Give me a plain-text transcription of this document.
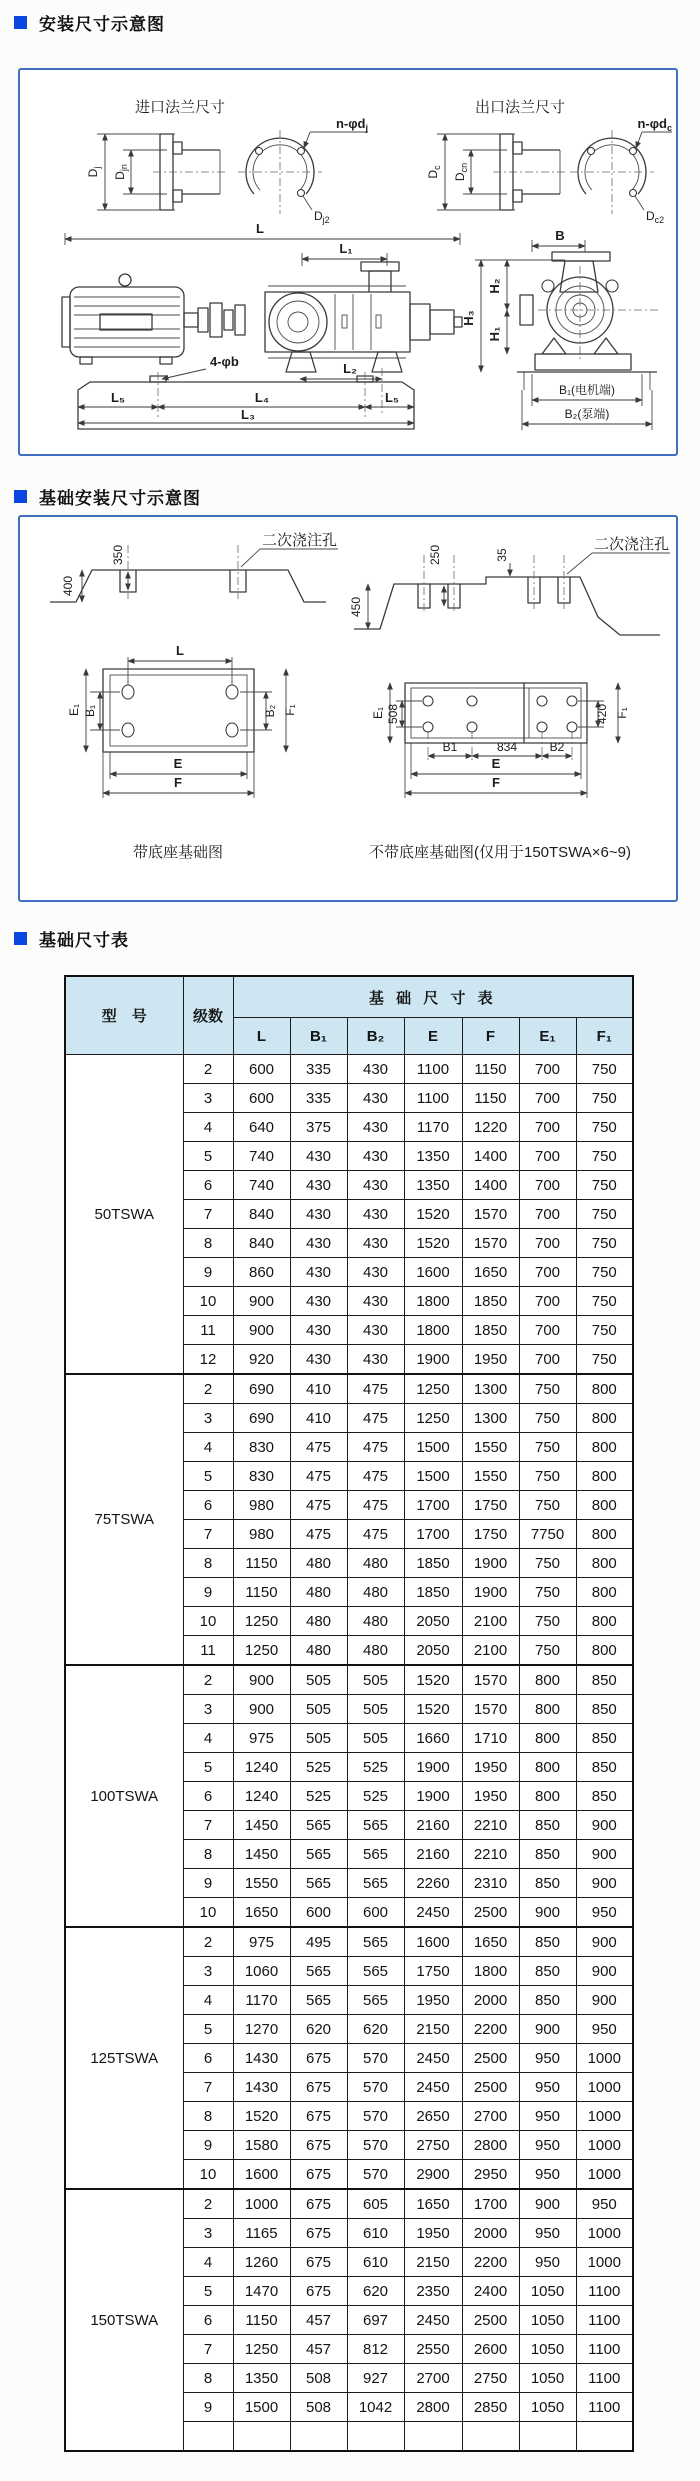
安装尺寸示意图
进口法兰尺寸
$D_j$
$D_{jn}$
$n-\varphi d_j$
$D_{j2}$
出口法兰尺寸
$D_c$
$D_{cn}$
$n-\varphi d_c$
$D_{c2}$
L
L₁
4-φb	L₂
L₅	L₄	L₅
L₃
B
H₂
H₁
H₃
B₁(电机端)
B₂(泵端)
基础安装尺寸示意图
400
350
二次浇注孔
450
250	35
二次浇注孔
L
E₁ B₁	B₂ F₁
E
F
带底座基础图
E₁ 508	420 F₁
B1	834	B2
E
F
不带底座基础图(仅用于150TSWA×6~9)
基础尺寸表
型　号	级数	基 础 尺 寸 表						
		L	B₁	B₂	E	F	E₁	F₁
50TSWA	2	600	335	430	1100	1150	700	750
	3	600	335	430	1100	1150	700	750
	4	640	375	430	1170	1220	700	750
	5	740	430	430	1350	1400	700	750
	6	740	430	430	1350	1400	700	750
	7	840	430	430	1520	1570	700	750
	8	840	430	430	1520	1570	700	750
	9	860	430	430	1600	1650	700	750
	10	900	430	430	1800	1850	700	750
	11	900	430	430	1800	1850	700	750
	12	920	430	430	1900	1950	700	750
75TSWA	2	690	410	475	1250	1300	750	800
	3	690	410	475	1250	1300	750	800
	4	830	475	475	1500	1550	750	800
	5	830	475	475	1500	1550	750	800
	6	980	475	475	1700	1750	750	800
	7	980	475	475	1700	1750	7750	800
	8	1150	480	480	1850	1900	750	800
	9	1150	480	480	1850	1900	750	800
	10	1250	480	480	2050	2100	750	800
	11	1250	480	480	2050	2100	750	800
100TSWA	2	900	505	505	1520	1570	800	850
	3	900	505	505	1520	1570	800	850
	4	975	505	505	1660	1710	800	850
	5	1240	525	525	1900	1950	800	850
	6	1240	525	525	1900	1950	800	850
	7	1450	565	565	2160	2210	850	900
	8	1450	565	565	2160	2210	850	900
	9	1550	565	565	2260	2310	850	900
	10	1650	600	600	2450	2500	900	950
125TSWA	2	975	495	565	1600	1650	850	900
	3	1060	565	565	1750	1800	850	900
	4	1170	565	565	1950	2000	850	900
	5	1270	620	620	2150	2200	900	950
	6	1430	675	570	2450	2500	950	1000
	7	1430	675	570	2450	2500	950	1000
	8	1520	675	570	2650	2700	950	1000
	9	1580	675	570	2750	2800	950	1000
	10	1600	675	570	2900	2950	950	1000
150TSWA	2	1000	675	605	1650	1700	900	950
	3	1165	675	610	1950	2000	950	1000
	4	1260	675	610	2150	2200	950	1000
	5	1470	675	620	2350	2400	1050	1100
	6	1150	457	697	2450	2500	1050	1100
	7	1250	457	812	2550	2600	1050	1100
	8	1350	508	927	2700	2750	1050	1100
	9	1500	508	1042	2800	2850	1050	1100
